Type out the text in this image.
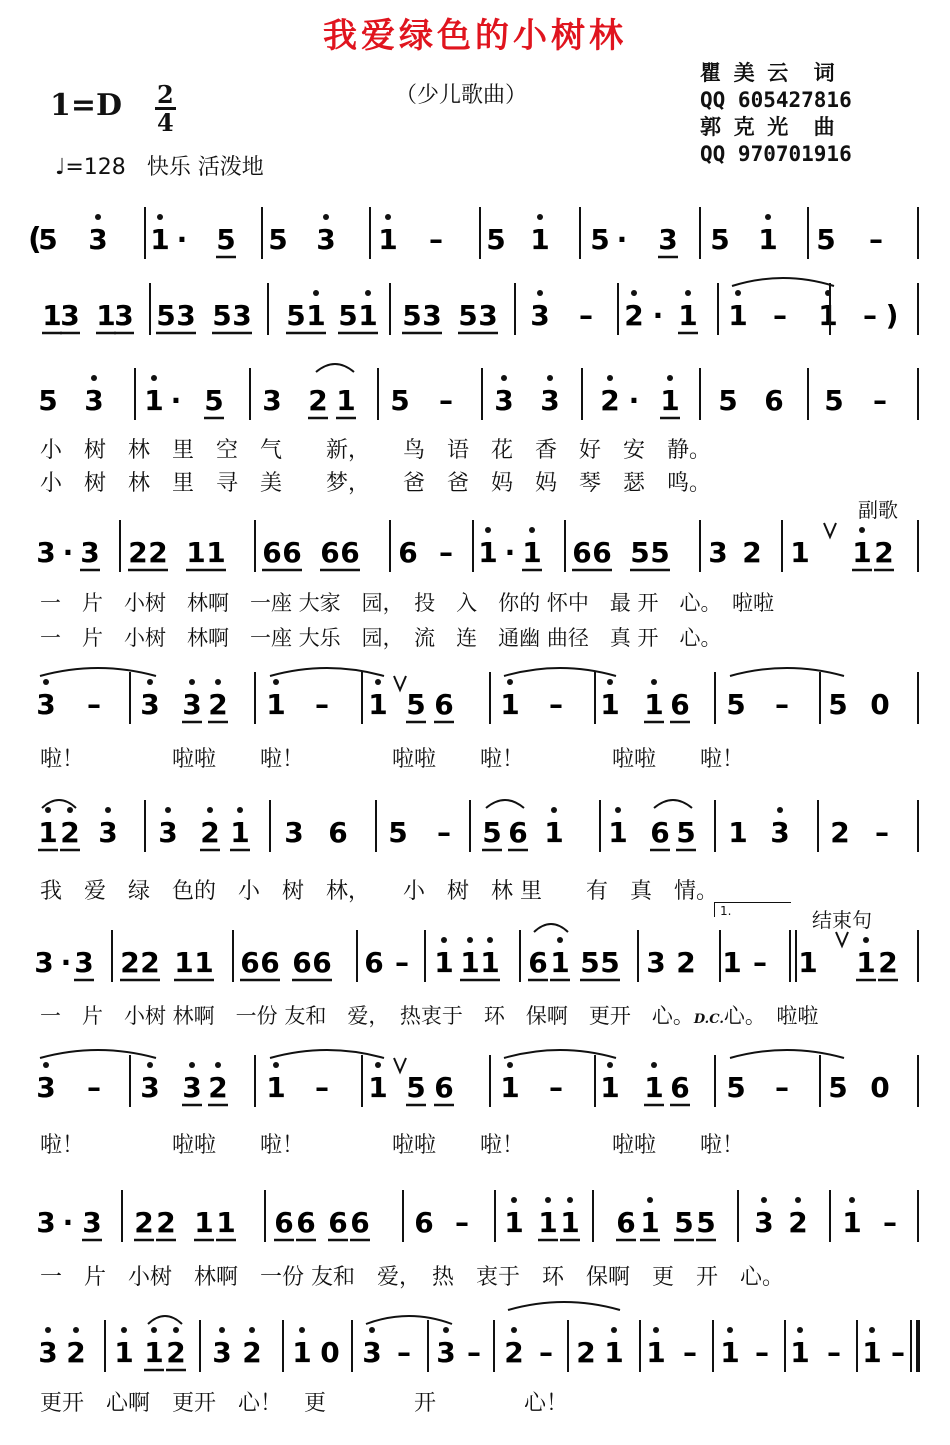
我爱绿色的小树林
（少儿歌曲）
1=D 2
4
♩=128 快乐 活泼地
瞿 美 云  词
QQ 605427816
郭 克 光  曲
QQ 970701916
副歌
1.	结束句
(
5 3 1 · 5 5 3 1 – 5 1 5 · 3 5 1 5 –
1
3 1
3 5 3 5 3 5 1 5 1 5 3 5 3 3 – 2 · 1 1 – 1 – )
5 3 1 · 5 3 2 1 5 – 3 3 2 · 1 5 6 5 –
3 · 3 2 2 1 1 6 6 6 6 6 – 1 · 1 6 6 5 5 3 2 1 1 2
3 – 3 3 2 1 – 1 5 6 1 – 1 1 6 5 – 5 0
1 2 3 3 2 1 3 6 5 – 5 6 1 1 6 5 1 3 2 –
3 · 3 2 2 1 1 6 6 6 6 6 – 1 1 1 6 1 5 5 3 2 1 – 1 1 2
3 – 3 3 2 1 – 1 5 6 1 – 1 1 6 5 – 5 0
3 · 3 2 2 1 1 6 6 6 6 6 – 1 1 1 6 1 5 5 3 2 1 –
3 2 1 1 2 3 2 1 0 3 – 3 – 2 – 2 1 1 – 1 – 1 – 1 –
小　树　林　里　空　气　　新，　　鸟　语　花　香　好　安　静。
小　树　林　里　寻　美　　梦，　　爸　爸　妈　妈　琴　瑟　鸣。
一　片　小树　林啊　一座 大家　园，　投　入　你的 怀中　最 开　心。　啦啦
一　片　小树　林啊　一座 大乐　园，　流　连　通幽 曲径　真 开　心。
啦！　　　　啦啦　　啦！　　　　啦啦　　啦！　　　　啦啦　　啦！
我　爱　绿　色的　小　树　林，　　小　树　林 里　　有　真　情。
一　片　小树 林啊　一份 友和　爱，　热衷于　环　保啊　更开　心。D.C.心。　啦啦
啦！　　　　啦啦　　啦！　　　　啦啦　　啦！　　　　啦啦　　啦！
一　片　小树　林啊　一份 友和　爱，　热　衷于　环　保啊　更　开　心。
更开　心啊　更开　心！　更　　　　开　　　　心！
